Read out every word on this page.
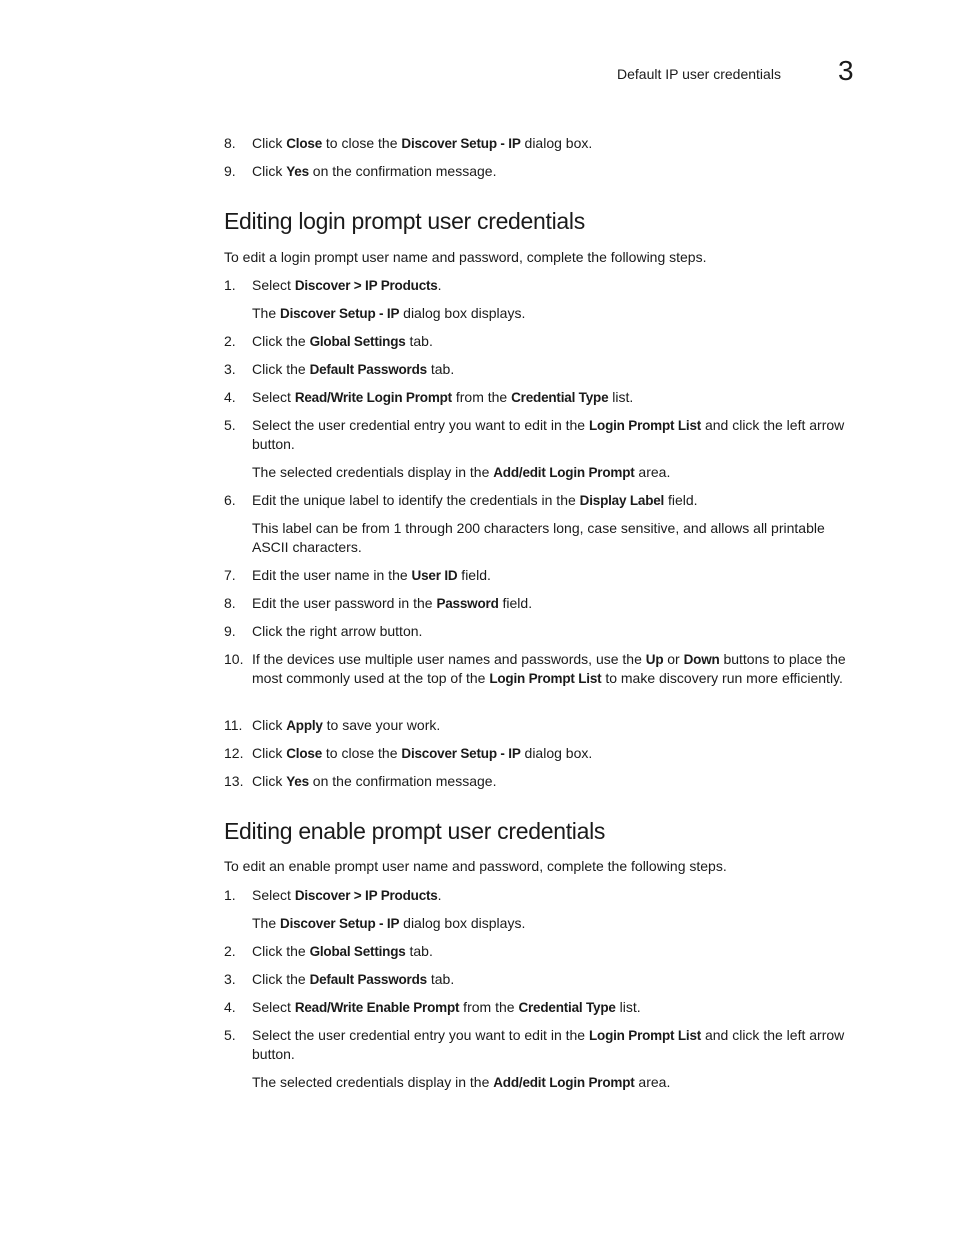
Default IP user credentials 3
8.	Click Close to close the Discover Setup - IP dialog box.
9.	Click Yes on the confirmation message.
Editing login prompt user credentials
To edit a login prompt user name and password, complete the following steps.
1.	Select Discover > IP Products.
The Discover Setup - IP dialog box displays.
2.	Click the Global Settings tab.
3.	Click the Default Passwords tab.
4.	Select Read/Write Login Prompt from the Credential Type list.
5.	Select the user credential entry you want to edit in the Login Prompt List and click the left arrow button.
The selected credentials display in the Add/edit Login Prompt area.
6.	Edit the unique label to identify the credentials in the Display Label field.
This label can be from 1 through 200 characters long, case sensitive, and allows all printable ASCII characters.
7.	Edit the user name in the User ID field.
8.	Edit the user password in the Password field.
9.	Click the right arrow button.
10. If the devices use multiple user names and passwords, use the Up or Down buttons to place the most commonly used at the top of the Login Prompt List to make discovery run more efficiently.
11. Click Apply to save your work.
12. Click Close to close the Discover Setup - IP dialog box.
13. Click Yes on the confirmation message.
Editing enable prompt user credentials
To edit an enable prompt user name and password, complete the following steps.
1.	Select Discover > IP Products.
The Discover Setup - IP dialog box displays.
2.	Click the Global Settings tab.
3.	Click the Default Passwords tab.
4.	Select Read/Write Enable Prompt from the Credential Type list.
5.	Select the user credential entry you want to edit in the Login Prompt List and click the left arrow button.
The selected credentials display in the Add/edit Login Prompt area.
